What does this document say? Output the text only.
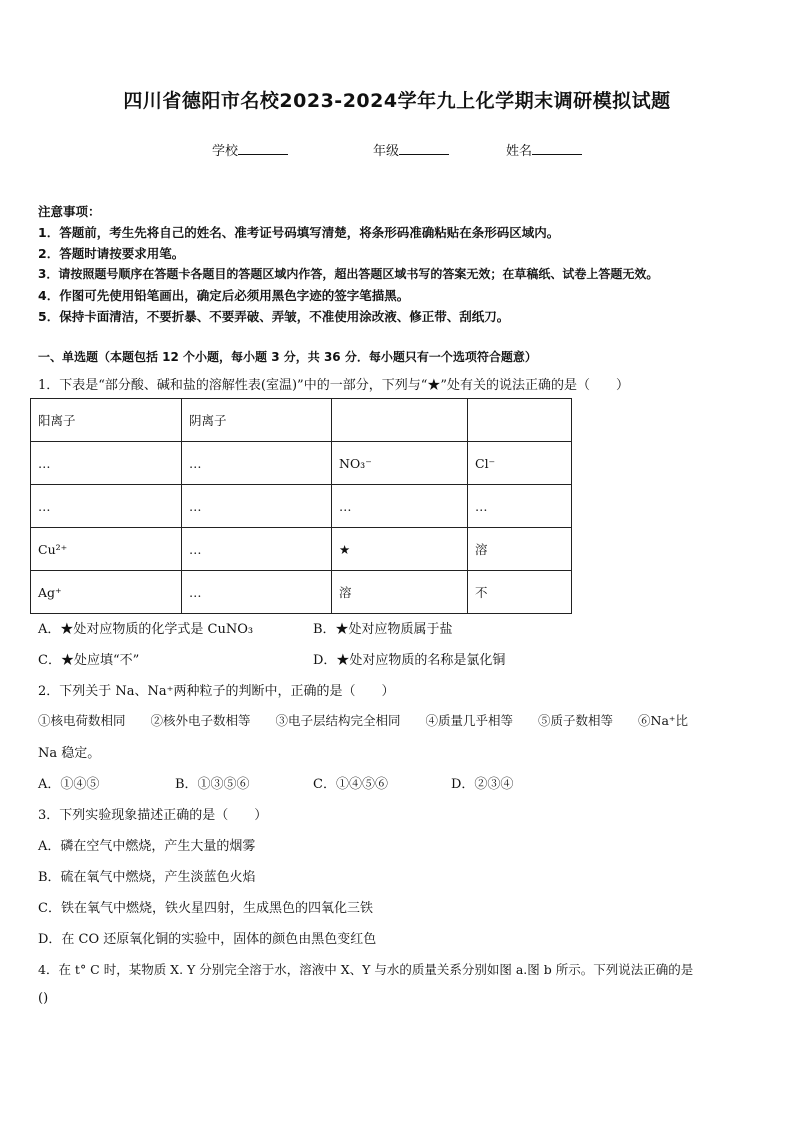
四川省德阳市名校2023-2024学年九上化学期末调研模拟试题
学校	年级	姓名
注意事项：
1．答题前，考生先将自己的姓名、准考证号码填写清楚，将条形码准确粘贴在条形码区域内。
2．答题时请按要求用笔。
3．请按照题号顺序在答题卡各题目的答题区域内作答，超出答题区域书写的答案无效；在草稿纸、试卷上答题无效。
4．作图可先使用铅笔画出，确定后必须用黑色字迹的签字笔描黑。
5．保持卡面清洁，不要折暴、不要弄破、弄皱，不准使用涂改液、修正带、刮纸刀。
一、单选题（本题包括 12 个小题，每小题 3 分，共 36 分．每小题只有一个选项符合题意）
1．下表是“部分酸、碱和盐的溶解性表(室温)”中的一部分，下列与“★”处有关的说法正确的是（　　）
阳离子	阴离子		
…	…	NO₃⁻	Cl⁻
…	…	…	…
Cu²⁺	…	★	溶
Ag⁺	…	溶	不
A．★处对应物质的化学式是 CuNO₃	B．★处对应物质属于盐
C．★处应填“不”	D．★处对应物质的名称是氯化铜
2．下列关于 Na、Na⁺两种粒子的判断中，正确的是（　　）
①核电荷数相同　　②核外电子数相等　　③电子层结构完全相同　　④质量几乎相等　　⑤质子数相等　　⑥Na⁺比
Na 稳定。
A．①④⑤	B．①③⑤⑥	C．①④⑤⑥	D．②③④
3．下列实验现象描述正确的是（　　）
A．磷在空气中燃烧，产生大量的烟雾
B．硫在氧气中燃烧，产生淡蓝色火焰
C．铁在氧气中燃烧，铁火星四射，生成黑色的四氧化三铁
D．在 CO 还原氧化铜的实验中，固体的颜色由黑色变红色
4．在 t° C 时，某物质 X. Y 分别完全溶于水，溶液中 X、Y 与水的质量关系分别如图 a.图 b 所示。下列说法正确的是
()
